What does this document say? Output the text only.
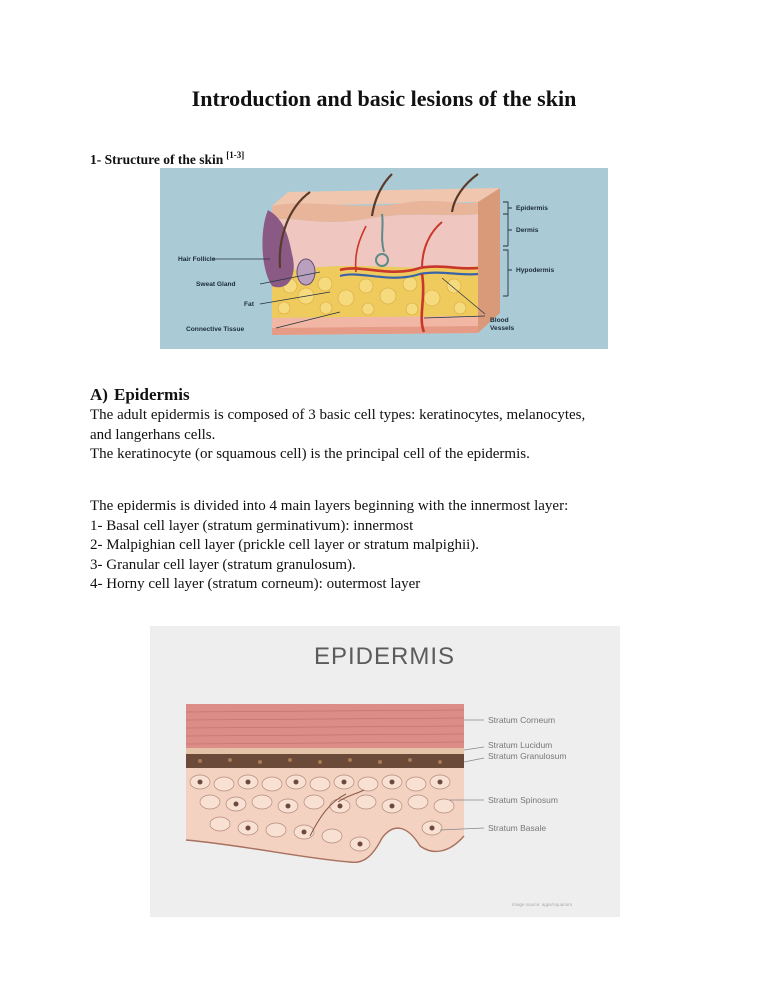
Introduction and basic lesions of the skin
1- Structure of the skin [1-3]
Epidermis
Dermis
Hypodermis
Hair Follicle
Sweat Gland
Fat
Connective Tissue
Blood
Vessels
A) Epidermis
The adult epidermis is composed of 3 basic cell types: keratinocytes, melanocytes,
and langerhans cells.
The keratinocyte (or squamous cell) is the principal cell of the epidermis.
The epidermis is divided into 4 main layers beginning with the innermost layer:
1- Basal cell layer (stratum germinativum): innermost
2- Malpighian cell layer (prickle cell layer or stratum malpighii).
3- Granular cell layer (stratum granulosum).
4- Horny cell layer (stratum corneum): outermost layer
EPIDERMIS
Stratum Corneum
Stratum Lucidum
Stratum Granulosum
Stratum Spinosum
Stratum Basale
Image source: agps/Aquarium
